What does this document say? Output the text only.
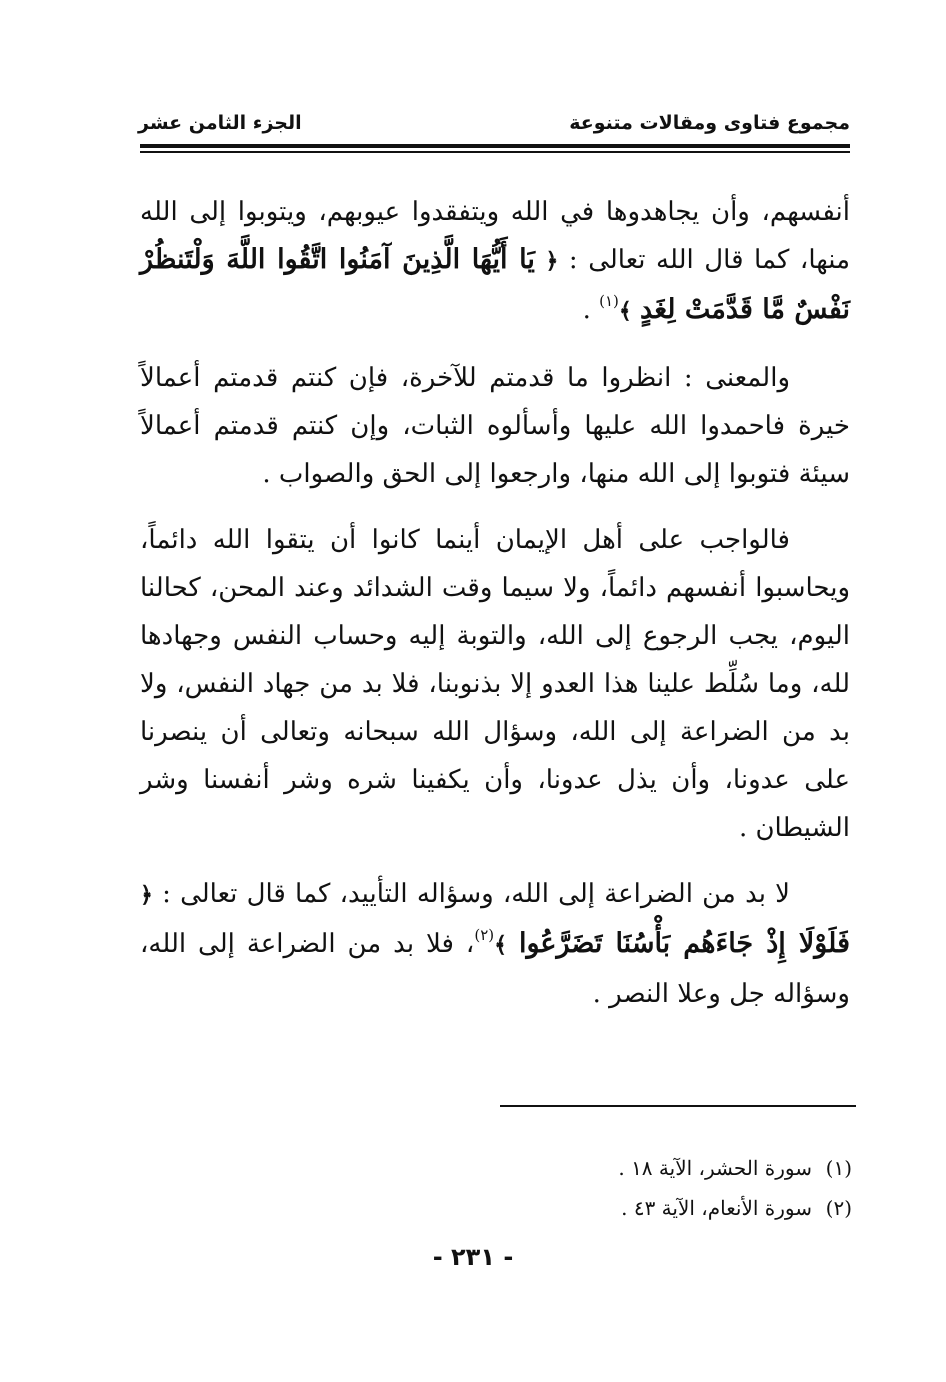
مجموع فتاوى ومقالات متنوعة
الجزء الثامن عشر

أنفسهم، وأن يجاهدوها في الله ويتفقدوا عيوبهم، ويتوبوا إلى الله منها، كما قال الله تعالى : ﴿ يَا أَيُّهَا الَّذِينَ آمَنُوا اتَّقُوا اللَّهَ وَلْتَنظُرْ نَفْسٌ مَّا قَدَّمَتْ لِغَدٍ ﴾$^{(١)}$ .

والمعنى : انظروا ما قدمتم للآخرة، فإن كنتم قدمتم أعمالاً خيرة فاحمدوا الله عليها وأسألوه الثبات، وإن كنتم قدمتم أعمالاً سيئة فتوبوا إلى الله منها، وارجعوا إلى الحق والصواب .

فالواجب على أهل الإيمان أينما كانوا أن يتقوا الله دائماً، ويحاسبوا أنفسهم دائماً، ولا سيما وقت الشدائد وعند المحن، كحالنا اليوم، يجب الرجوع إلى الله، والتوبة إليه وحساب النفس وجهادها لله، وما سُلِّط علينا هذا العدو إلا بذنوبنا، فلا بد من جهاد النفس، ولا بد من الضراعة إلى الله، وسؤال الله سبحانه وتعالى أن ينصرنا على عدونا، وأن يذل عدونا، وأن يكفينا شره وشر أنفسنا وشر الشيطان .

لا بد من الضراعة إلى الله، وسؤاله التأييد، كما قال تعالى : ﴿ فَلَوْلَا إِذْ جَاءَهُم بَأْسُنَا تَضَرَّعُوا ﴾$^{(٢)}$، فلا بد من الضراعة إلى الله، وسؤاله جل وعلا النصر .

(١)سورة الحشر، الآية ١٨ .
(٢)سورة الأنعام، الآية ٤٣ .
- ٢٣١ -
